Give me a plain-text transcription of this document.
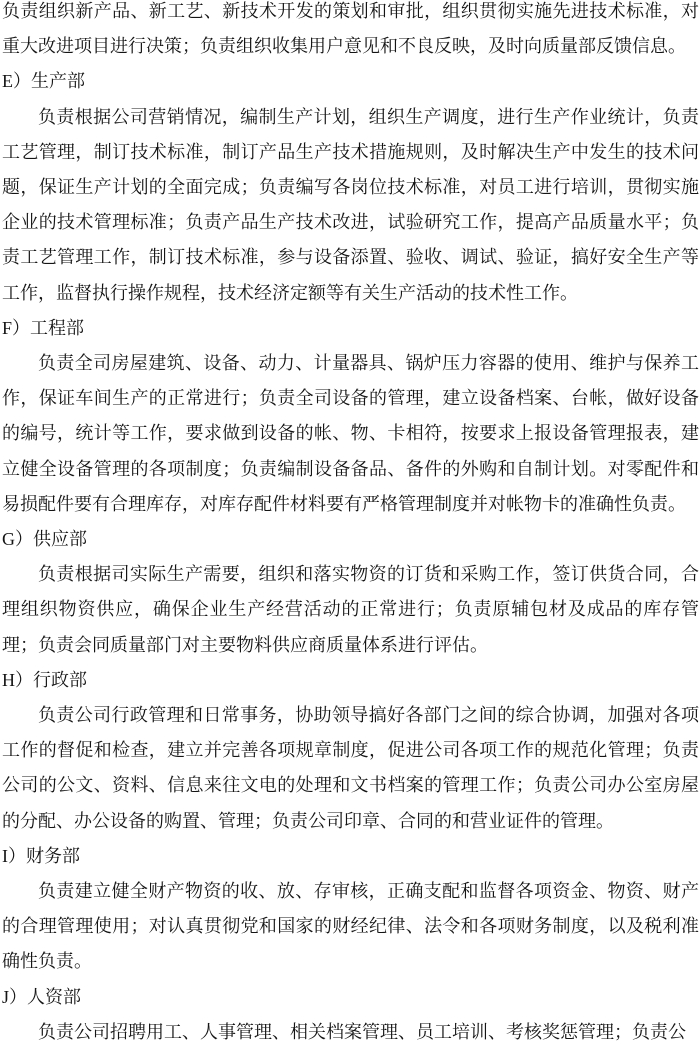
负责组织新产品、新工艺、新技术开发的策划和审批，组织贯彻实施先进技术标准，对重大改进项目进行决策；负责组织收集用户意见和不良反映，及时向质量部反馈信息。

E）生产部

负责根据公司营销情况，编制生产计划，组织生产调度，进行生产作业统计，负责工艺管理，制订技术标准，制订产品生产技术措施规则，及时解决生产中发生的技术问题，保证生产计划的全面完成；负责编写各岗位技术标准，对员工进行培训，贯彻实施企业的技术管理标准；负责产品生产技术改进，试验研究工作，提高产品质量水平；负责工艺管理工作，制订技术标准，参与设备添置、验收、调试、验证，搞好安全生产等工作，监督执行操作规程，技术经济定额等有关生产活动的技术性工作。

F）工程部

负责全司房屋建筑、设备、动力、计量器具、锅炉压力容器的使用、维护与保养工作，保证车间生产的正常进行；负责全司设备的管理，建立设备档案、台帐，做好设备的编号，统计等工作，要求做到设备的帐、物、卡相符，按要求上报设备管理报表，建立健全设备管理的各项制度；负责编制设备备品、备件的外购和自制计划。对零配件和易损配件要有合理库存，对库存配件材料要有严格管理制度并对帐物卡的准确性负责。

G）供应部

负责根据司实际生产需要，组织和落实物资的订货和采购工作，签订供货合同，合理组织物资供应，确保企业生产经营活动的正常进行；负责原辅包材及成品的库存管理；负责会同质量部门对主要物料供应商质量体系进行评估。

H）行政部

负责公司行政管理和日常事务，协助领导搞好各部门之间的综合协调，加强对各项工作的督促和检查，建立并完善各项规章制度，促进公司各项工作的规范化管理；负责公司的公文、资料、信息来往文电的处理和文书档案的管理工作；负责公司办公室房屋的分配、办公设备的购置、管理；负责公司印章、合同的和营业证件的管理。

I）财务部

负责建立健全财产物资的收、放、存审核，正确支配和监督各项资金、物资、财产的合理管理使用；对认真贯彻党和国家的财经纪律、法令和各项财务制度，以及税利准确性负责。

J）人资部

负责公司招聘用工、人事管理、相关档案管理、员工培训、考核奖惩管理；负责公
